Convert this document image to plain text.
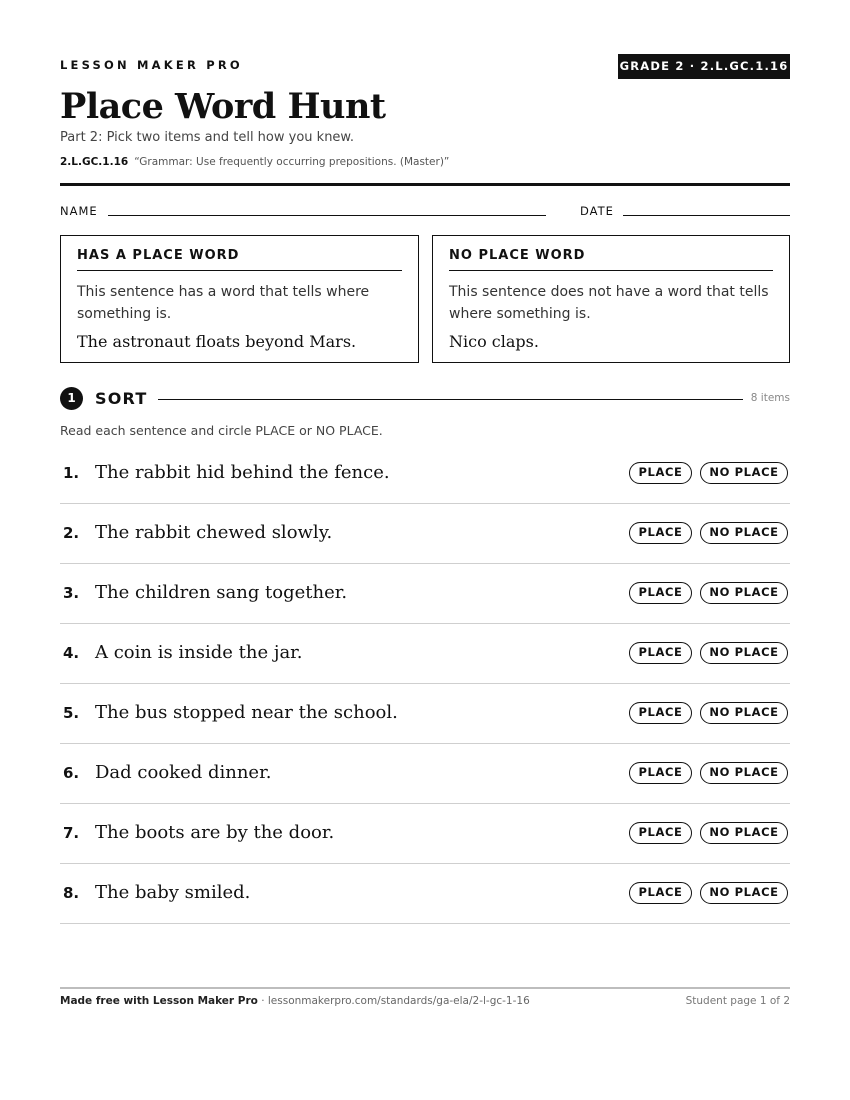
LESSON MAKER PRO	GRADE 2 · 2.L.GC.1.16
Place Word Hunt
Part 2: Pick two items and tell how you knew.
2.L.GC.1.16 “Grammar: Use frequently occurring prepositions. (Master)”
NAME	DATE
HAS A PLACE WORD
This sentence has a word that tells where something is.
The astronaut floats beyond Mars.
NO PLACE WORD
This sentence does not have a word that tells where something is.
Nico claps.
1	SORT	8 items
Read each sentence and circle PLACE or NO PLACE.
1. The rabbit hid behind the fence.	PLACE	NO PLACE
2. The rabbit chewed slowly.	PLACE	NO PLACE
3. The children sang together.	PLACE	NO PLACE
4. A coin is inside the jar.	PLACE	NO PLACE
5. The bus stopped near the school.	PLACE	NO PLACE
6. Dad cooked dinner.	PLACE	NO PLACE
7. The boots are by the door.	PLACE	NO PLACE
8. The baby smiled.	PLACE	NO PLACE
Made free with Lesson Maker Pro · lessonmakerpro.com/standards/ga-ela/2-l-gc-1-16	Student page 1 of 2
